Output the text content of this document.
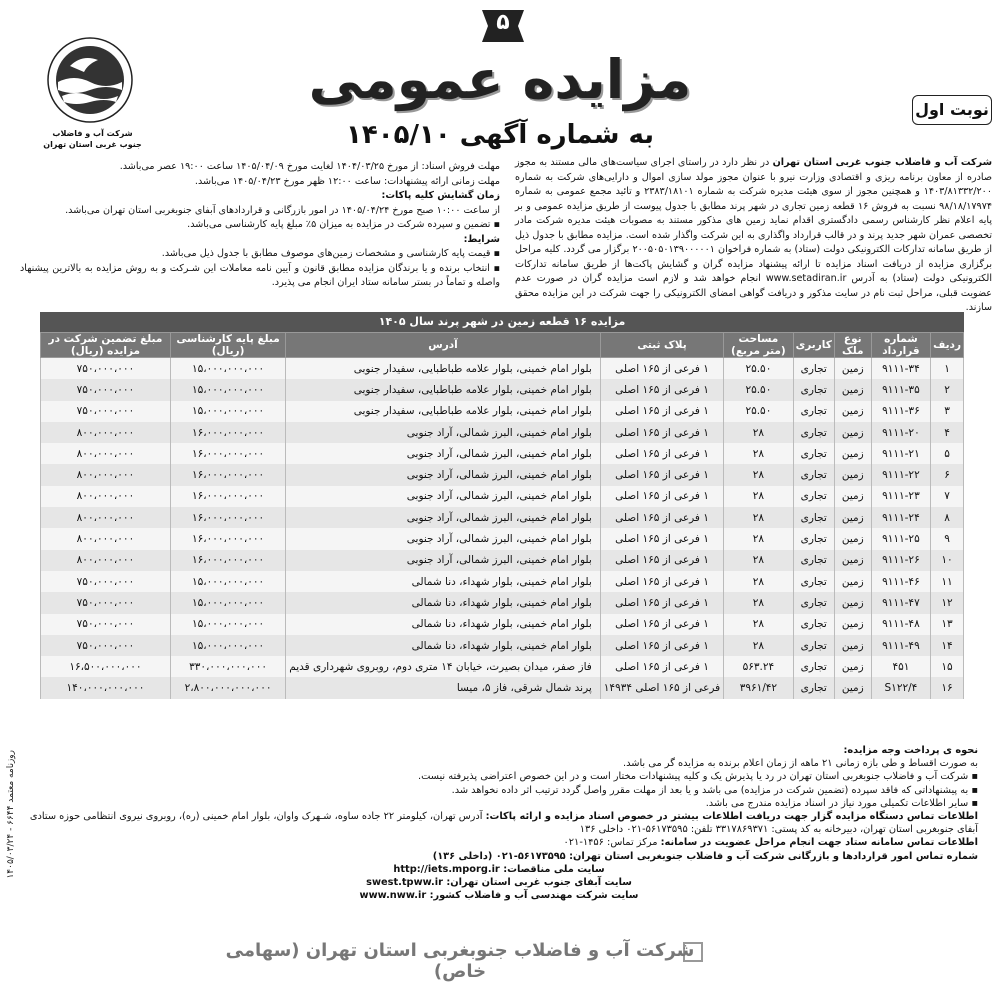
شرکت آب و فاضلاب
جنوب غربی استان تهران
۵
مزایده عمومی
به شماره آگهی ۱۴۰۵/۱۰
نوبت اول
شرکت آب و فاضلاب جنوب غربی استان تهران در نظر دارد در راستای اجرای سیاست‌های مالی مستند به مجوز صادره از معاون برنامه ریزی و اقتصادی وزارت نیرو با عنوان مجوز مولد سازی اموال و دارایی‌های شرکت به شماره ۱۴۰۳/۸۱۳۳۲/۲۰۰ و همچنین مجوز از سوی هیئت مدیره شرکت به شماره ۲۳۸۳/۱۸۱۰۱ و تائید مجمع عمومی به شماره ۹۸/۱۸/۱۷۹۷۴ نسبت به فروش ۱۶ قطعه زمین تجاری در شهر پرند مطابق با جدول پیوست از طریق مزایده عمومی و بر پایه اعلام نظر کارشناس رسمی دادگستری اقدام نماید زمین های مذکور مستند به مصوبات هیئت مدیره شرکت مادر تخصصی عمران شهر جدید پرند و در قالب قرارداد واگذاری به این شرکت واگذار شده است. مزایده مطابق با جدول ذیل از طریق سامانه تدارکات الکترونیکی دولت (ستاد) به شماره فراخوان ۲۰۰۵۰۵۰۱۳۹۰۰۰۰۰۱ برگزار می گردد. کلیه مراحل برگزاری مزایده از دریافت اسناد مزایده تا ارائه پیشنهاد مزایده گران و گشایش پاکت‌ها از طریق سامانه تدارکات الکترونیکی دولت (ستاد) به آدرس www.setadiran.ir انجام خواهد شد و لازم است مزایده گران در صورت عدم عضویت قبلی، مراحل ثبت نام در سایت مذکور و دریافت گواهی امضای الکترونیکی را جهت شرکت در این مزایده محقق سازند.
مهلت فروش اسناد: از مورخ ۱۴۰۴/۰۳/۲۵ لغایت مورخ ۱۴۰۵/۰۴/۰۹ ساعت ۱۹:۰۰ عصر می‌باشد.
مهلت زمانی ارائه پیشنهادات: ساعت ۱۲:۰۰ ظهر مورخ ۱۴۰۵/۰۴/۲۳ می‌باشد.
زمان گشایش کلیه پاکات:
از ساعت ۱۰:۰۰ صبح مورخ ۱۴۰۵/۰۴/۲۴ در امور بازرگانی و قراردادهای آبفای جنوبغربی استان تهران می‌باشد.
▪ تضمین و سپرده شرکت در مزایده به میزان ۵٪ مبلغ پایه کارشناسی می‌باشد.
شرایط:
▪ قیمت پایه کارشناسی و مشخصات زمین‌های موصوف مطابق با جدول ذیل می‌باشد.
▪ انتخاب برنده و یا برندگان مزایده مطابق قانون و آیین نامه معاملات این شـرکت و به روش مزایده به بالاترین پیشنهاد واصله و تماماً در بستر سامانه ستاد ایران انجام می پذیرد.
مزایده ۱۶ قطعه زمین در شهر پرند سال ۱۴۰۵
ردیف	شماره قرارداد	نوع ملک	کاربری	مساحت (متر مربع)	پلاک ثبتی	آدرس	مبلغ پایه کارشناسی (ریال)	مبلغ تضمین شرکت در مزایده (ریال)
۱	۹۱۱۱-۳۴	زمین	تجاری	۲۵.۵۰	۱ فرعی از ۱۶۵ اصلی	بلوار امام خمینی، بلوار علامه طباطبایی، سفیدار جنوبی	۱۵،۰۰۰،۰۰۰،۰۰۰	۷۵۰،۰۰۰،۰۰۰
۲	۹۱۱۱-۳۵	زمین	تجاری	۲۵.۵۰	۱ فرعی از ۱۶۵ اصلی	بلوار امام خمینی، بلوار علامه طباطبایی، سفیدار جنوبی	۱۵،۰۰۰،۰۰۰،۰۰۰	۷۵۰،۰۰۰،۰۰۰
۳	۹۱۱۱-۳۶	زمین	تجاری	۲۵.۵۰	۱ فرعی از ۱۶۵ اصلی	بلوار امام خمینی، بلوار علامه طباطبایی، سفیدار جنوبی	۱۵،۰۰۰،۰۰۰،۰۰۰	۷۵۰،۰۰۰،۰۰۰
۴	۹۱۱۱-۲۰	زمین	تجاری	۲۸	۱ فرعی از ۱۶۵ اصلی	بلوار امام خمینی، البرز شمالی، آراد جنوبی	۱۶،۰۰۰،۰۰۰،۰۰۰	۸۰۰،۰۰۰،۰۰۰
۵	۹۱۱۱-۲۱	زمین	تجاری	۲۸	۱ فرعی از ۱۶۵ اصلی	بلوار امام خمینی، البرز شمالی، آراد جنوبی	۱۶،۰۰۰،۰۰۰،۰۰۰	۸۰۰،۰۰۰،۰۰۰
۶	۹۱۱۱-۲۲	زمین	تجاری	۲۸	۱ فرعی از ۱۶۵ اصلی	بلوار امام خمینی، البرز شمالی، آراد جنوبی	۱۶،۰۰۰،۰۰۰،۰۰۰	۸۰۰،۰۰۰،۰۰۰
۷	۹۱۱۱-۲۳	زمین	تجاری	۲۸	۱ فرعی از ۱۶۵ اصلی	بلوار امام خمینی، البرز شمالی، آراد جنوبی	۱۶،۰۰۰،۰۰۰،۰۰۰	۸۰۰،۰۰۰،۰۰۰
۸	۹۱۱۱-۲۴	زمین	تجاری	۲۸	۱ فرعی از ۱۶۵ اصلی	بلوار امام خمینی، البرز شمالی، آراد جنوبی	۱۶،۰۰۰،۰۰۰،۰۰۰	۸۰۰،۰۰۰،۰۰۰
۹	۹۱۱۱-۲۵	زمین	تجاری	۲۸	۱ فرعی از ۱۶۵ اصلی	بلوار امام خمینی، البرز شمالی، آراد جنوبی	۱۶،۰۰۰،۰۰۰،۰۰۰	۸۰۰،۰۰۰،۰۰۰
۱۰	۹۱۱۱-۲۶	زمین	تجاری	۲۸	۱ فرعی از ۱۶۵ اصلی	بلوار امام خمینی، البرز شمالی، آراد جنوبی	۱۶،۰۰۰،۰۰۰،۰۰۰	۸۰۰،۰۰۰،۰۰۰
۱۱	۹۱۱۱-۴۶	زمین	تجاری	۲۸	۱ فرعی از ۱۶۵ اصلی	بلوار امام خمینی، بلوار شهداء، دنا شمالی	۱۵،۰۰۰،۰۰۰،۰۰۰	۷۵۰،۰۰۰،۰۰۰
۱۲	۹۱۱۱-۴۷	زمین	تجاری	۲۸	۱ فرعی از ۱۶۵ اصلی	بلوار امام خمینی، بلوار شهداء، دنا شمالی	۱۵،۰۰۰،۰۰۰،۰۰۰	۷۵۰،۰۰۰،۰۰۰
۱۳	۹۱۱۱-۴۸	زمین	تجاری	۲۸	۱ فرعی از ۱۶۵ اصلی	بلوار امام خمینی، بلوار شهداء، دنا شمالی	۱۵،۰۰۰،۰۰۰،۰۰۰	۷۵۰،۰۰۰،۰۰۰
۱۴	۹۱۱۱-۴۹	زمین	تجاری	۲۸	۱ فرعی از ۱۶۵ اصلی	بلوار امام خمینی، بلوار شهداء، دنا شمالی	۱۵،۰۰۰،۰۰۰،۰۰۰	۷۵۰،۰۰۰،۰۰۰
۱۵	۴۵۱	زمین	تجاری	۵۶۳.۲۴	۱ فرعی از ۱۶۵ اصلی	فاز صفر، میدان بصیرت، خیابان ۱۴ متری دوم، روبروی شهرداری قدیم	۳۳۰،۰۰۰،۰۰۰،۰۰۰	۱۶،۵۰۰،۰۰۰،۰۰۰
۱۶	S۱۲۲/۴	زمین	تجاری	۳۹۶۱/۴۲	فرعی از ۱۶۵ اصلی ۱۴۹۳۴	پرند شمال شرقی، فاز ۵، میسا	۲،۸۰۰،۰۰۰،۰۰۰،۰۰۰	۱۴۰،۰۰۰،۰۰۰،۰۰۰

نحوه ی پرداخت وجه مزایده:

به صورت اقساط و طی بازه زمانی ۲۱ ماهه از زمان اعلام برنده به مزایده گر می باشد.

▪ شرکت آب و فاضلاب جنوبغربی استان تهران در رد یا پذیرش یک و کلیه پیشنهادات مختار است و در این خصوص اعتراضی پذیرفته نیست.

▪ به پیشنهاداتی که فاقد سپرده (تضمین شرکت در مزایده) می باشد و یا بعد از مهلت مقرر واصل گردد ترتیب اثر داده نخواهد شد.

▪ سایر اطلاعات تکمیلی مورد نیاز در اسناد مزایده مندرج می باشد.

اطلاعات تماس دستگاه مزایده گزار جهت دریافت اطلاعات بیشتر در خصوص اسناد مزایده و ارائه پاکات: آدرس تهران، کیلومتر ۲۲ جاده ساوه، شـهرک واوان، بلوار امام خمینی (ره)، روبروی نیروی انتظامی حوزه ستادی آبفای جنوبغربی استان تهران، دبیرخانه به کد پستی: ۳۳۱۷۸۶۹۳۷۱ تلفن: ۵۶۱۷۳۵۹۵-۰۲۱ داخلی ۱۳۶

اطلاعات تماس سامانه ستاد جهت انجام مراحل عضویت در سامانه: مرکز تماس: ۱۴۵۶-۰۲۱

شماره تماس امور قراردادها و بازرگانی شرکت آب و فاضلاب جنوبغربی استان تهران: ۵۶۱۷۳۵۹۵-۰۲۱ (داخلی ۱۳۶)

سایت ملی مناقصات: http://iets.mporg.ir

سایت آبفای جنوب غربی استان تهران: swest.tpww.ir

سایت شرکت مهندسی آب و فاضلاب کشور: www.nww.ir

شرکت آب و فاضلاب جنوبغربی استان تهران (سهامی خاص)
روزنامه معتمد ۶۶۴۴ - ۱۴۰۵/۰۳/۲۴
